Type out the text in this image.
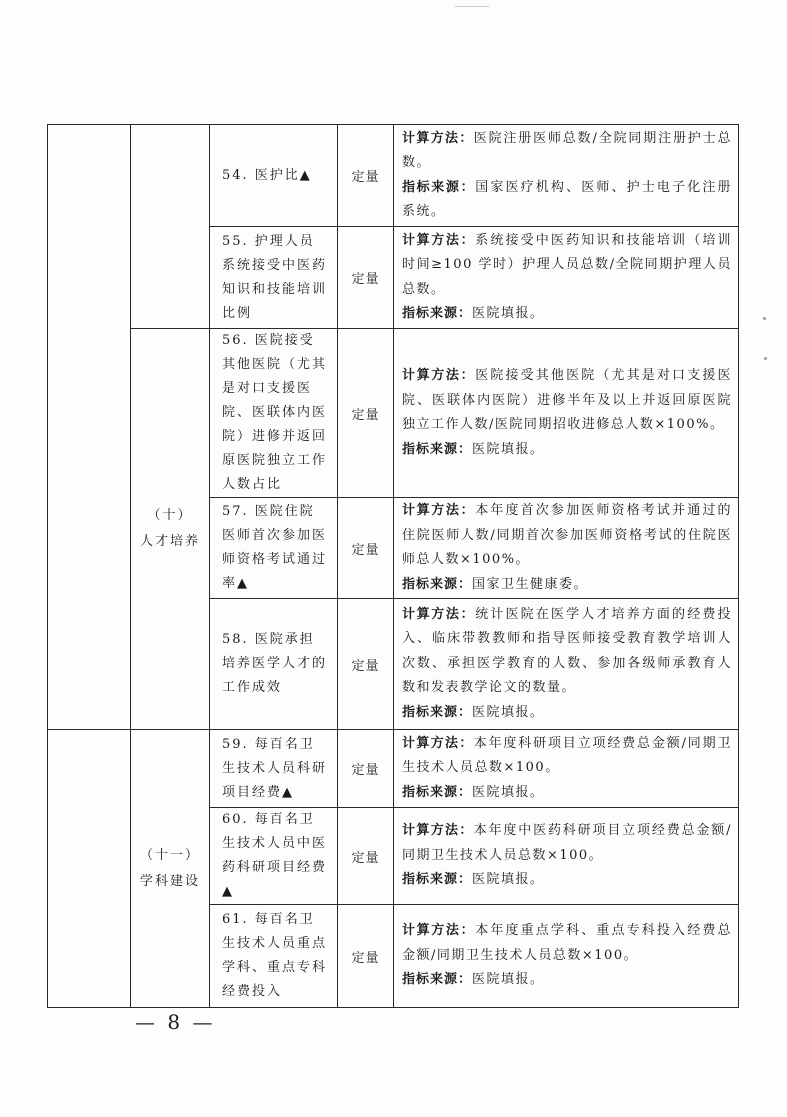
		54. 医护比▲	定量	计算方法：医院注册医师总数/全院同期注册护士总数。
指标来源：国家医疗机构、医师、护士电子化注册系统。
		55. 护理人员系统接受中医药知识和技能培训比例	定量	计算方法：系统接受中医药知识和技能培训（培训时间≥100 学时）护理人员总数/全院同期护理人员总数。
指标来源：医院填报。
	（十）
人才培养	56. 医院接受其他医院（尤其是对口支援医院、医联体内医院）进修并返回原医院独立工作人数占比	定量	计算方法：医院接受其他医院（尤其是对口支援医院、医联体内医院）进修半年及以上并返回原医院独立工作人数/医院同期招收进修总人数×100%。
指标来源：医院填报。
		57. 医院住院医师首次参加医师资格考试通过率▲	定量	计算方法：本年度首次参加医师资格考试并通过的住院医师人数/同期首次参加医师资格考试的住院医师总人数×100%。
指标来源：国家卫生健康委。
		58. 医院承担培养医学人才的工作成效	定量	计算方法：统计医院在医学人才培养方面的经费投入、临床带教教师和指导医师接受教育教学培训人次数、承担医学教育的人数、参加各级师承教育人数和发表教学论文的数量。
指标来源：医院填报。
	（十一）
学科建设	59. 每百名卫生技术人员科研项目经费▲	定量	计算方法：本年度科研项目立项经费总金额/同期卫生技术人员总数×100。
指标来源：医院填报。
		60. 每百名卫生技术人员中医药科研项目经费▲	定量	计算方法：本年度中医药科研项目立项经费总金额/同期卫生技术人员总数×100。
指标来源：医院填报。
		61. 每百名卫生技术人员重点学科、重点专科经费投入	定量	计算方法：本年度重点学科、重点专科投入经费总金额/同期卫生技术人员总数×100。
指标来源：医院填报。
— 8 —
